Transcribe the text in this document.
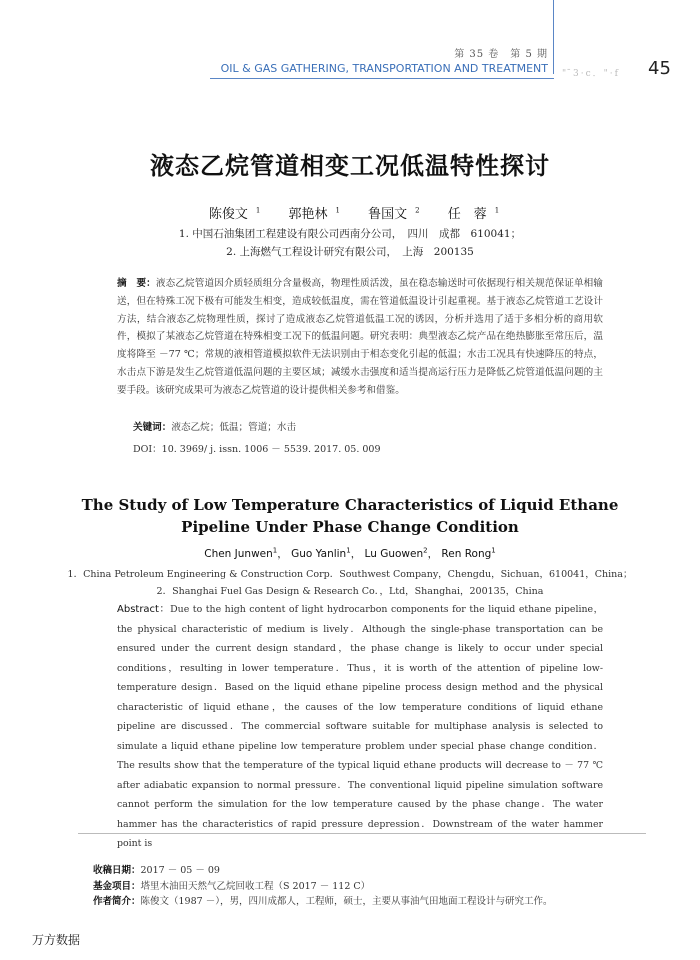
第 35 卷　第 5 期
OIL & GAS GATHERING, TRANSPORTATION AND TREATMENT " ̄3·c．"·f 45
液态乙烷管道相变工况低温特性探讨
陈俊文 $^1$ 郭艳林 $^1$ 鲁国文 $^2$ 任　蓉 $^1$
1. 中国石油集团工程建设有限公司西南分公司，　四川　成都　610041；
2. 上海燃气工程设计研究有限公司，　上海　200135
摘　要：液态乙烷管道因介质轻质组分含量极高，物理性质活泼，虽在稳态输送时可依据现行相关规范保证单相输送，但在特殊工况下极有可能发生相变，造成较低温度，需在管道低温设计引起重视。基于液态乙烷管道工艺设计方法，结合液态乙烷物理性质，探讨了造成液态乙烷管道低温工况的诱因，分析并选用了适于多相分析的商用软件，模拟了某液态乙烷管道在特殊相变工况下的低温问题。研究表明：典型液态乙烷产品在绝热膨胀至常压后，温度将降至 －77 ℃；常规的液相管道模拟软件无法识别由于相态变化引起的低温；水击工况具有快速降压的特点，水击点下游是发生乙烷管道低温问题的主要区域；减缓水击强度和适当提高运行压力是降低乙烷管道低温问题的主要手段。该研究成果可为液态乙烷管道的设计提供相关参考和借鉴。
关键词：液态乙烷；低温；管道；水击
DOI：10. 3969/ j. issn. 1006 － 5539. 2017. 05. 009
The Study of Low Temperature Characteristics of Liquid Ethane
Pipeline Under Phase Change Condition
Chen Junwen$^1$， Guo Yanlin$^1$， Lu Guowen$^2$， Ren Rong$^1$
1．China Petroleum Engineering & Construction Corp．Southwest Company，Chengdu，Sichuan，610041，China；
2．Shanghai Fuel Gas Design & Research Co．，Ltd，Shanghai，200135，China
Abstract：Due to the high content of light hydrocarbon components for the liquid ethane pipeline，the physical characteristic of medium is lively．Although the single-phase transportation can be ensured under the current design standard，the phase change is likely to occur under special conditions，resulting in lower temperature．Thus，it is worth of the attention of pipeline low-temperature design．Based on the liquid ethane pipeline process design method and the physical characteristic of liquid ethane，the causes of the low temperature conditions of liquid ethane pipeline are discussed．The commercial software suitable for multiphase analysis is selected to simulate a liquid ethane pipeline low temperature problem under special phase change condition．The results show that the temperature of the typical liquid ethane products will decrease to － 77 ℃ after adiabatic expansion to normal pressure．The conventional liquid pipeline simulation software cannot perform the simulation for the low temperature caused by the phase change．The water hammer has the characteristics of rapid pressure depression．Downstream of the water hammer point is
收稿日期：2017 － 05 － 09
基金项目：塔里木油田天然气乙烷回收工程（S 2017 － 112 C）
作者简介：陈俊文（1987 －），男，四川成都人，工程师，硕士，主要从事油气田地面工程设计与研究工作。
万方数据
